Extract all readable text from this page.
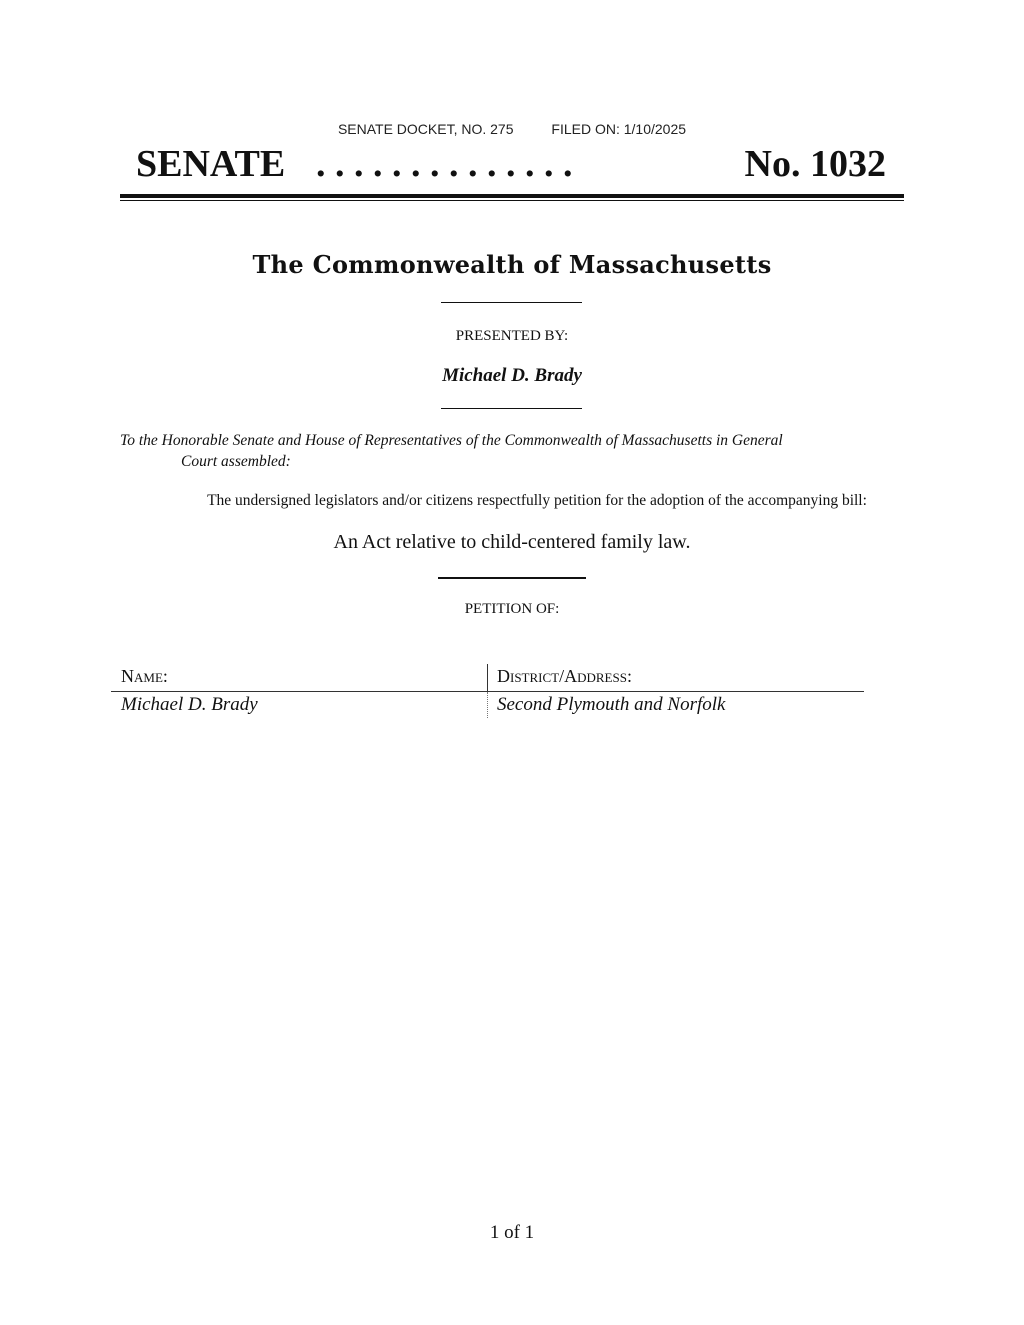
SENATE DOCKET, NO. 275	FILED ON: 1/10/2025
SENATE . . . . . . . . . . . . . .	No. 1032
The Commonwealth of Massachusetts
PRESENTED BY:
Michael D. Brady
To the Honorable Senate and House of Representatives of the Commonwealth of Massachusetts in General
Court assembled:
The undersigned legislators and/or citizens respectfully petition for the adoption of the accompanying bill:
An Act relative to child-centered family law.
PETITION OF:
Name:	District/Address:
Michael D. Brady	Second Plymouth and Norfolk
1 of 1
